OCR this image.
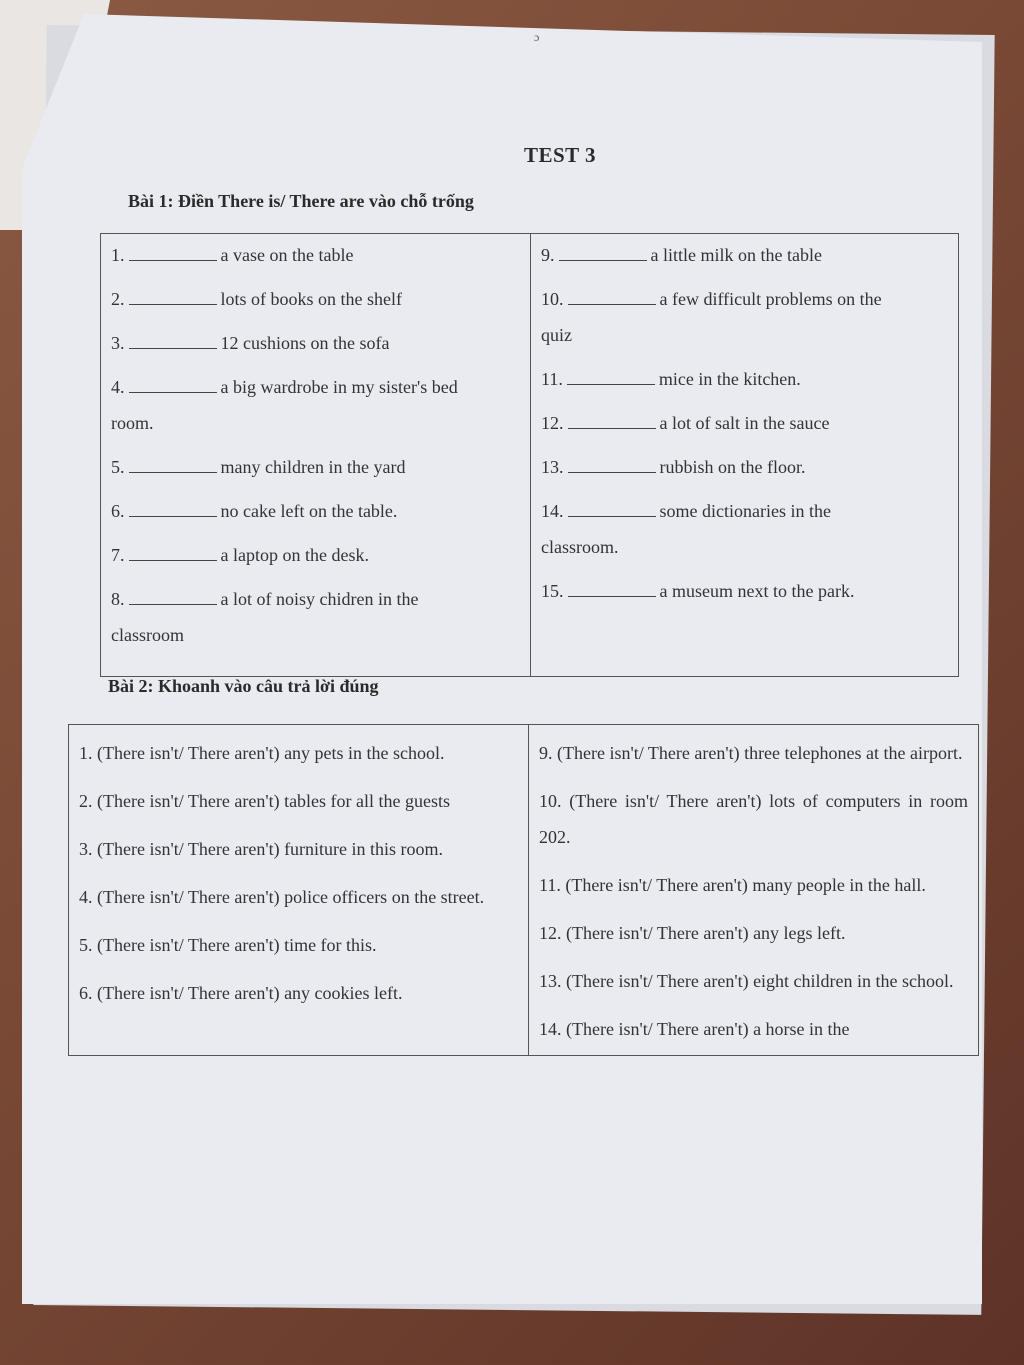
ɔ
TEST 3
Bài 1: Điền There is/ There are vào chỗ trống
1.	a vase on the table
2.	lots of books on the shelf
3.	12 cushions on the sofa
4.	a big wardrobe in my sister's bed
room.
5.	many children in the yard
6.	no cake left on the table.
7.	a laptop on the desk.
8.	a lot of noisy chidren in the
classroom

9.	a little milk on the table
10.	a few difficult problems on the
quiz
11.	mice in the kitchen.
12.	a lot of salt in the sauce
13.	rubbish on the floor.
14.	some dictionaries in the
classroom.
15.	a museum next to the park.
Bài 2: Khoanh vào câu trả lời đúng
1. (There isn't/ There aren't) any pets in the school.
2. (There isn't/ There aren't) tables for all the guests
3. (There isn't/ There aren't) furniture in this room.
4. (There isn't/ There aren't) police officers on the street.
5. (There isn't/ There aren't) time for this.
6. (There isn't/ There aren't) any cookies left.

9. (There isn't/ There aren't) three telephones at the airport.
10. (There isn't/ There aren't) lots of computers in room 202.
11. (There isn't/ There aren't) many people in the hall.
12. (There isn't/ There aren't) any legs left.
13. (There isn't/ There aren't) eight children in the school.
14. (There isn't/ There aren't) a horse in the
